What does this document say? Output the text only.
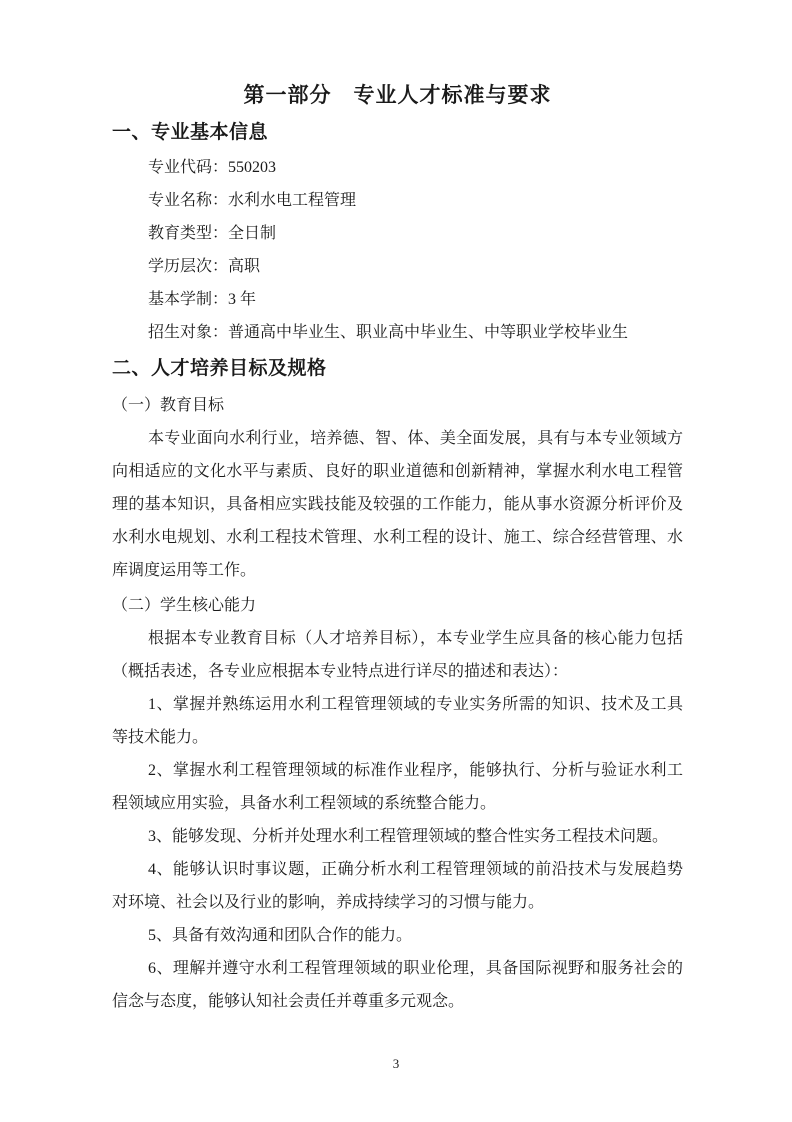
第一部分　专业人才标准与要求
一、专业基本信息

专业代码：550203

专业名称：水利水电工程管理

教育类型：全日制

学历层次：高职

基本学制：3 年

招生对象：普通高中毕业生、职业高中毕业生、中等职业学校毕业生

二、人才培养目标及规格

（一）教育目标

本专业面向水利行业，培养德、智、体、美全面发展，具有与本专业领域方向相适应的文化水平与素质、良好的职业道德和创新精神，掌握水利水电工程管理的基本知识，具备相应实践技能及较强的工作能力，能从事水资源分析评价及水利水电规划、水利工程技术管理、水利工程的设计、施工、综合经营管理、水库调度运用等工作。

（二）学生核心能力

根据本专业教育目标（人才培养目标），本专业学生应具备的核心能力包括（概括表述，各专业应根据本专业特点进行详尽的描述和表达）：

1、掌握并熟练运用水利工程管理领域的专业实务所需的知识、技术及工具等技术能力。

2、掌握水利工程管理领域的标准作业程序，能够执行、分析与验证水利工程领域应用实验，具备水利工程领域的系统整合能力。

3、能够发现、分析并处理水利工程管理领域的整合性实务工程技术问题。

4、能够认识时事议题，正确分析水利工程管理领域的前沿技术与发展趋势对环境、社会以及行业的影响，养成持续学习的习惯与能力。

5、具备有效沟通和团队合作的能力。

6、理解并遵守水利工程管理领域的职业伦理，具备国际视野和服务社会的信念与态度，能够认知社会责任并尊重多元观念。

3
